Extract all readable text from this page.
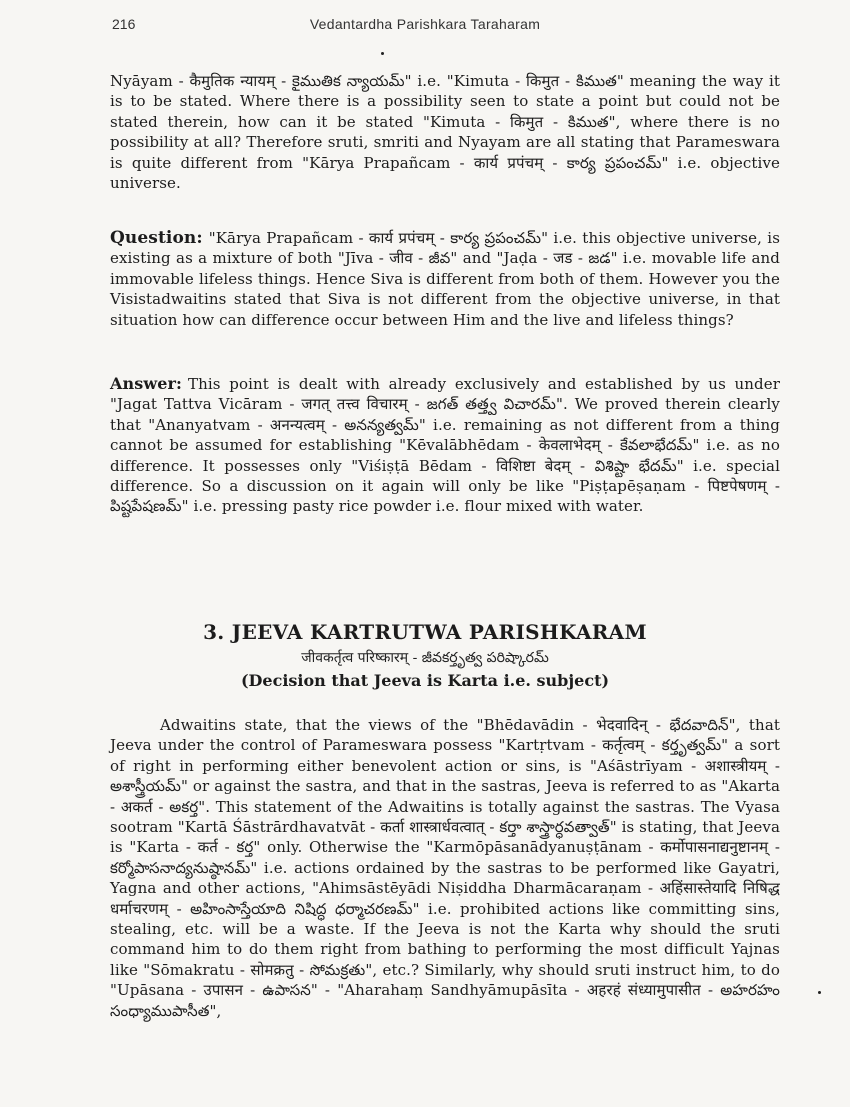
216	Vedantardha Parishkara Taraharam

Nyāyam - कैमुतिक न्यायम् - కైముతిక న్యాయమ్" i.e. "Kimuta - किमुत - కిముత" meaning the way it is to be stated. Where there is a possibility seen to state a point but could not be stated therein, how can it be stated "Kimuta - किमुत - కిముత", where there is no possibility at all? Therefore sruti, smriti and Nyayam are all stating that Parameswara is quite different from "Kārya Prapañcam - कार्य प्रपंचम् - కార్య ప్రపంచమ్" i.e. objective universe.

Question: "Kārya Prapañcam - कार्य प्रपंचम् - కార్య ప్రపంచమ్" i.e. this objective universe, is existing as a mixture of both "Jīva - जीव - జీవ" and "Jaḍa - जड - జడ" i.e. movable life and immovable lifeless things. Hence Siva is different from both of them. However you the Visistadwaitins stated that Siva is not different from the objective universe, in that situation how can difference occur between Him and the live and lifeless things?

Answer: This point is dealt with already exclusively and established by us under "Jagat Tattva Vicāram - जगत् तत्त्व विचारम् - జగత్ తత్త్వ విచారమ్". We proved therein clearly that "Ananyatvam - अनन्यत्वम् - అనన్యత్వమ్" i.e. remaining as not different from a thing cannot be assumed for establishing "Kēvalābhēdam - केवलाभेदम् - కేవలాభేదమ్" i.e. as no difference. It possesses only "Viśiṣṭā Bēdam - विशिष्टा बेदम् - విశిష్టా భేదమ్" i.e. special difference. So a discussion on it again will only be like "Piṣṭapēṣaṇam - पिष्टपेषणम् - పిష్టపేషణమ్" i.e. pressing pasty rice powder i.e. flour mixed with water.

3. JEEVA KARTRUTWA PARISHKARAM
जीवकर्तृत्व परिष्कारम् - జీవకర్తృత్వ పరిష్కారమ్
(Decision that Jeeva is Karta i.e. subject)

Adwaitins state, that the views of the "Bhēdavādin - भेदवादिन् - భేదవాదిన్", that Jeeva under the control of Parameswara possess "Kartṛtvam - कर्तृत्वम् - కర్తృత్వమ్" a sort of right in performing either benevolent action or sins, is "Aśāstrīyam - अशास्त्रीयम् - అశాస్త్రీయమ్" or against the sastra, and that in the sastras, Jeeva is referred to as "Akarta - अकर्त - అకర్త". This statement of the Adwaitins is totally against the sastras. The Vyasa sootram "Kartā Śāstrārdhavatvāt - कर्ता शास्त्रार्धवत्वात् - కర్తా శాస్త్రార్ధవత్వాత్" is stating, that Jeeva is "Karta - कर्त - కర్త" only. Otherwise the "Karmōpāsanādyanuṣṭānam - कर्मोपासनाद्यनुष्टानम् - కర్మోపాసనాద్యనుష్ఠానమ్" i.e. actions ordained by the sastras to be performed like Gayatri, Yagna and other actions, "Ahimsāstēyādi Niṣiddha Dharmācaraṇam - अहिंसास्तेयादि निषिद्ध धर्माचरणम् - అహింసాస్తేయాది నిషిద్ధ ధర్మాచరణమ్" i.e. prohibited actions like committing sins, stealing, etc. will be a waste. If the Jeeva is not the Karta why should the sruti command him to do them right from bathing to performing the most difficult Yajnas like "Sōmakratu - सोमक्रतु - సోమక్రతు", etc.? Similarly, why should sruti instruct him, to do "Upāsana - उपासन - ఉపాసన" - "Aharahaṃ Sandhyāmupāsīta - अहरहं संध्यामुपासीत - అహరహం సంధ్యాముపాసీత",
